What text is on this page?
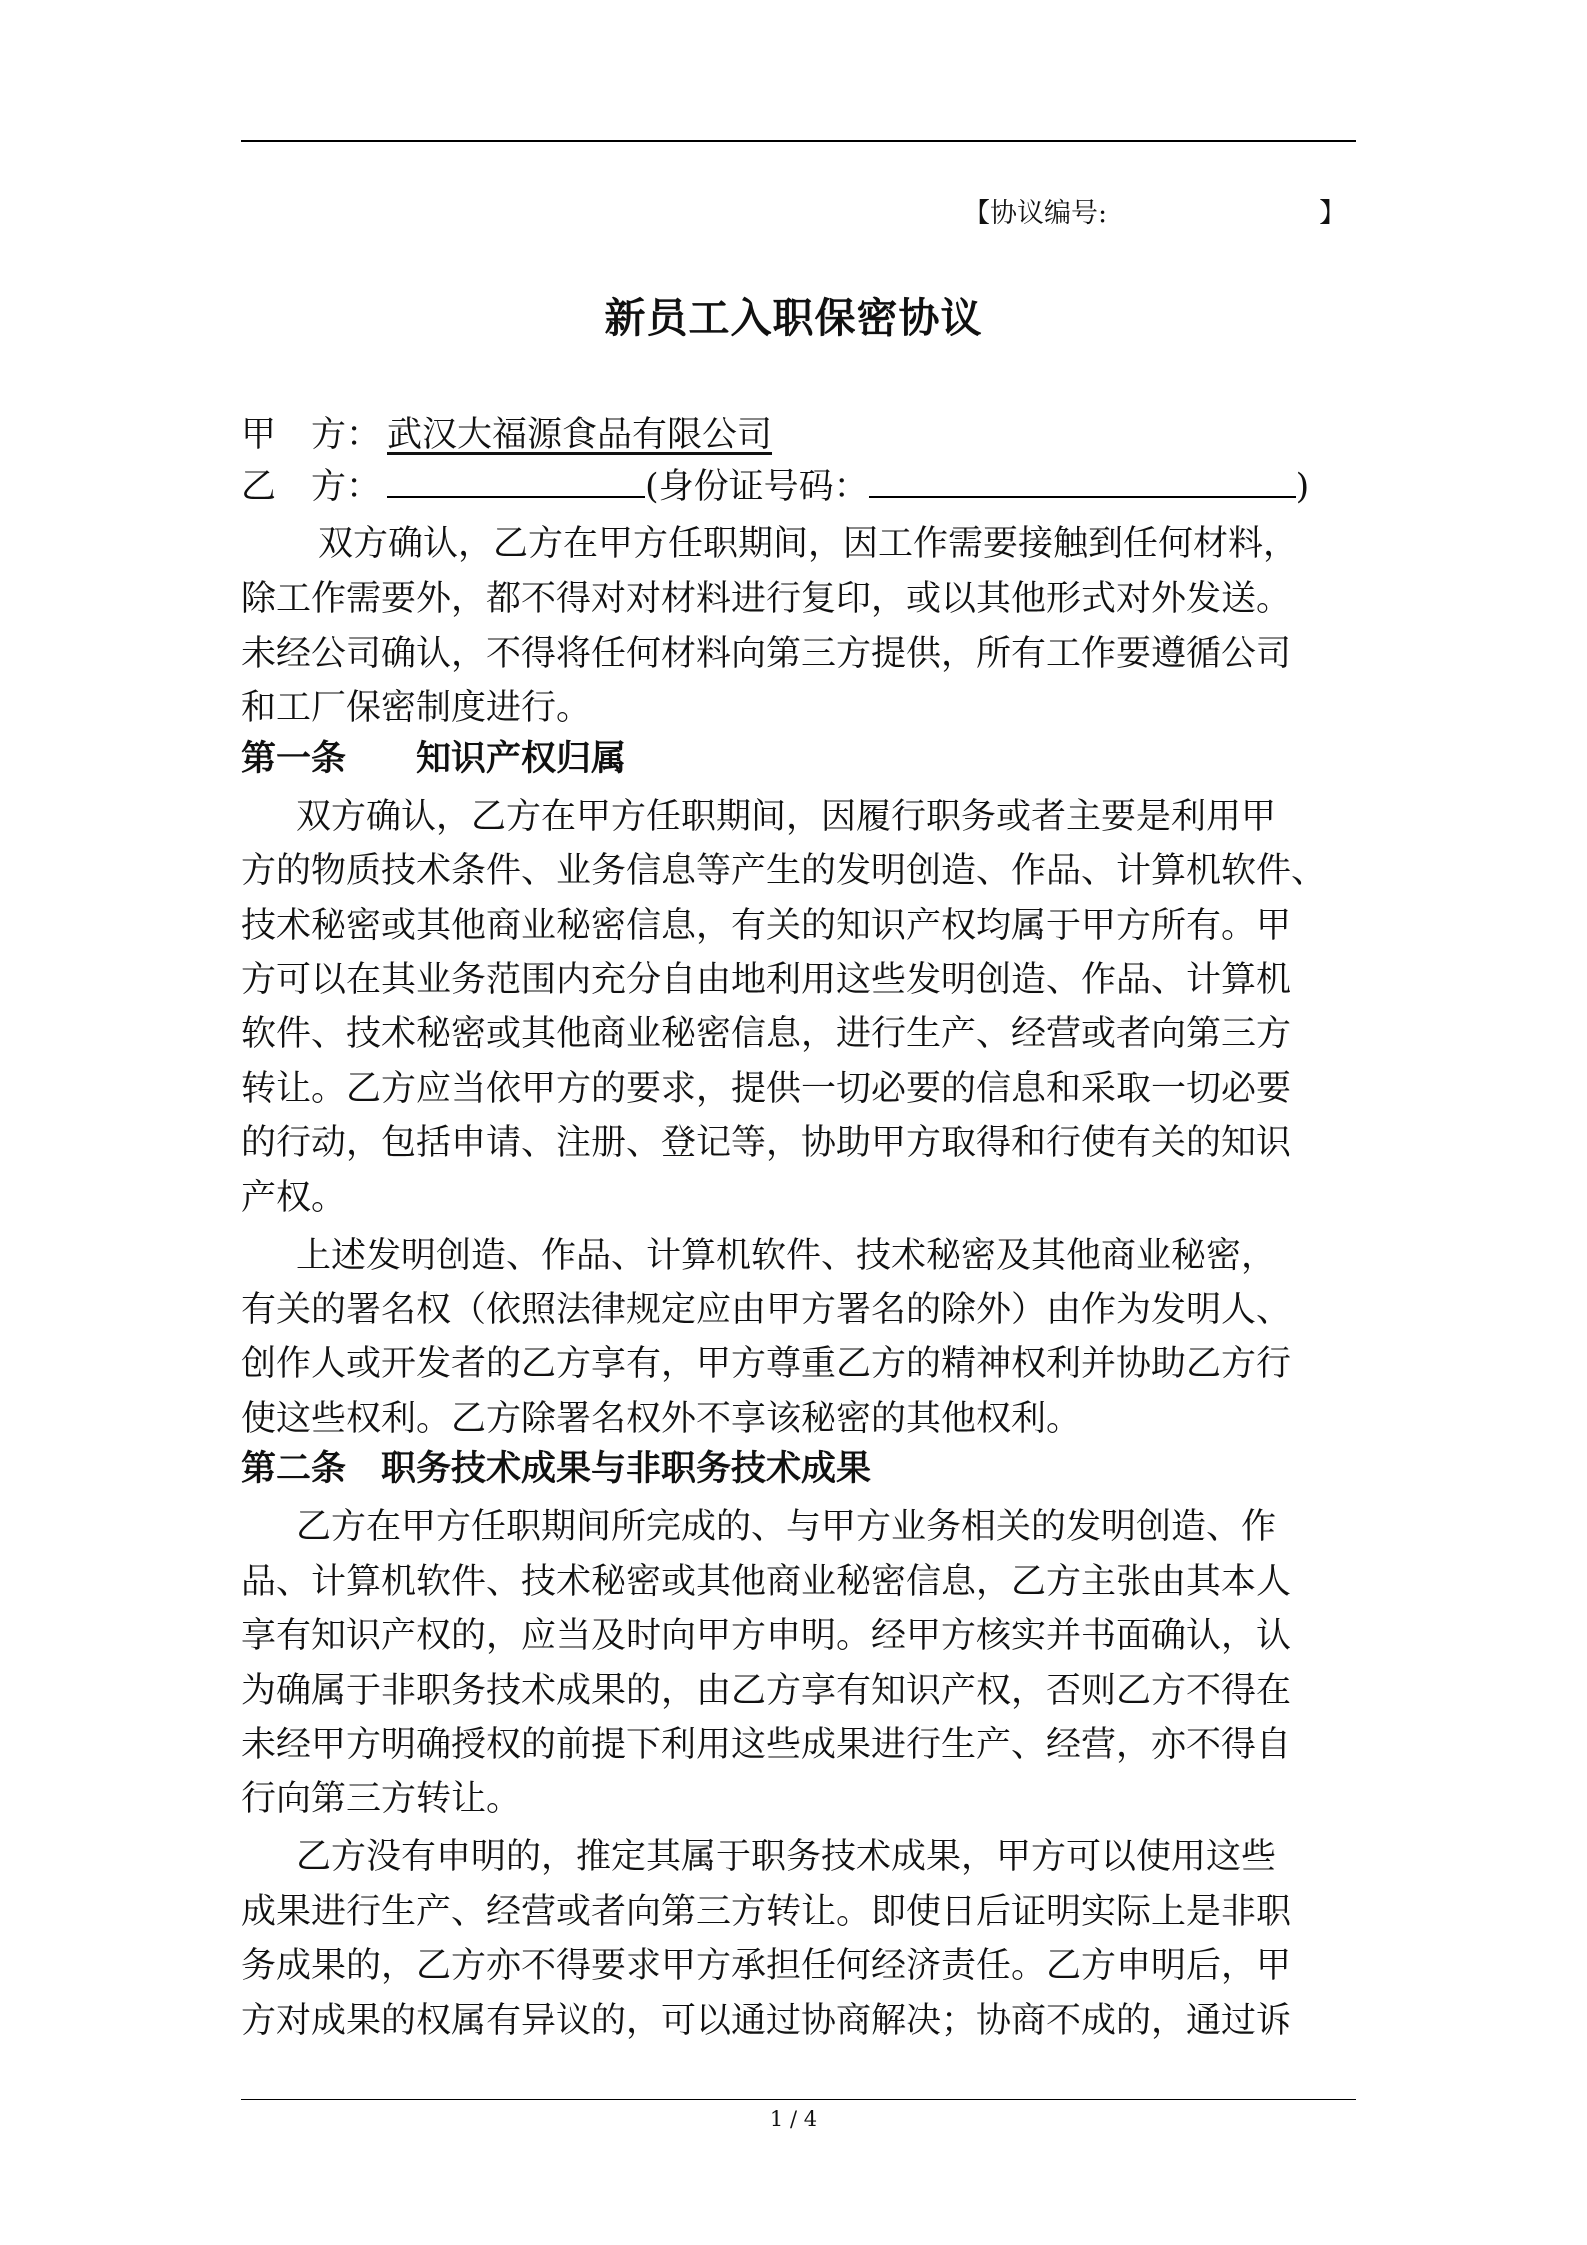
【协议编号:	】
新员工入职保密协议
甲　方： 武汉大福源食品有限公司
乙　方：	(身份证号码：	)
双方确认，乙方在甲方任职期间，因工作需要接触到任何材料，
除工作需要外，都不得对对材料进行复印，或以其他形式对外发送。
未经公司确认，不得将任何材料向第三方提供，所有工作要遵循公司
和工厂保密制度进行。
第一条　　知识产权归属
双方确认，乙方在甲方任职期间，因履行职务或者主要是利用甲
方的物质技术条件、业务信息等产生的发明创造、作品、计算机软件、
技术秘密或其他商业秘密信息，有关的知识产权均属于甲方所有。甲
方可以在其业务范围内充分自由地利用这些发明创造、作品、计算机
软件、技术秘密或其他商业秘密信息，进行生产、经营或者向第三方
转让。乙方应当依甲方的要求，提供一切必要的信息和采取一切必要
的行动，包括申请、注册、登记等，协助甲方取得和行使有关的知识
产权。
上述发明创造、作品、计算机软件、技术秘密及其他商业秘密，
有关的署名权（依照法律规定应由甲方署名的除外）由作为发明人、
创作人或开发者的乙方享有，甲方尊重乙方的精神权利并协助乙方行
使这些权利。乙方除署名权外不享该秘密的其他权利。
第二条　职务技术成果与非职务技术成果
乙方在甲方任职期间所完成的、与甲方业务相关的发明创造、作
品、计算机软件、技术秘密或其他商业秘密信息，乙方主张由其本人
享有知识产权的，应当及时向甲方申明。经甲方核实并书面确认，认
为确属于非职务技术成果的，由乙方享有知识产权，否则乙方不得在
未经甲方明确授权的前提下利用这些成果进行生产、经营，亦不得自
行向第三方转让。
乙方没有申明的，推定其属于职务技术成果，甲方可以使用这些
成果进行生产、经营或者向第三方转让。即使日后证明实际上是非职
务成果的，乙方亦不得要求甲方承担任何经济责任。乙方申明后，甲
方对成果的权属有异议的，可以通过协商解决；协商不成的，通过诉
1 / 4
